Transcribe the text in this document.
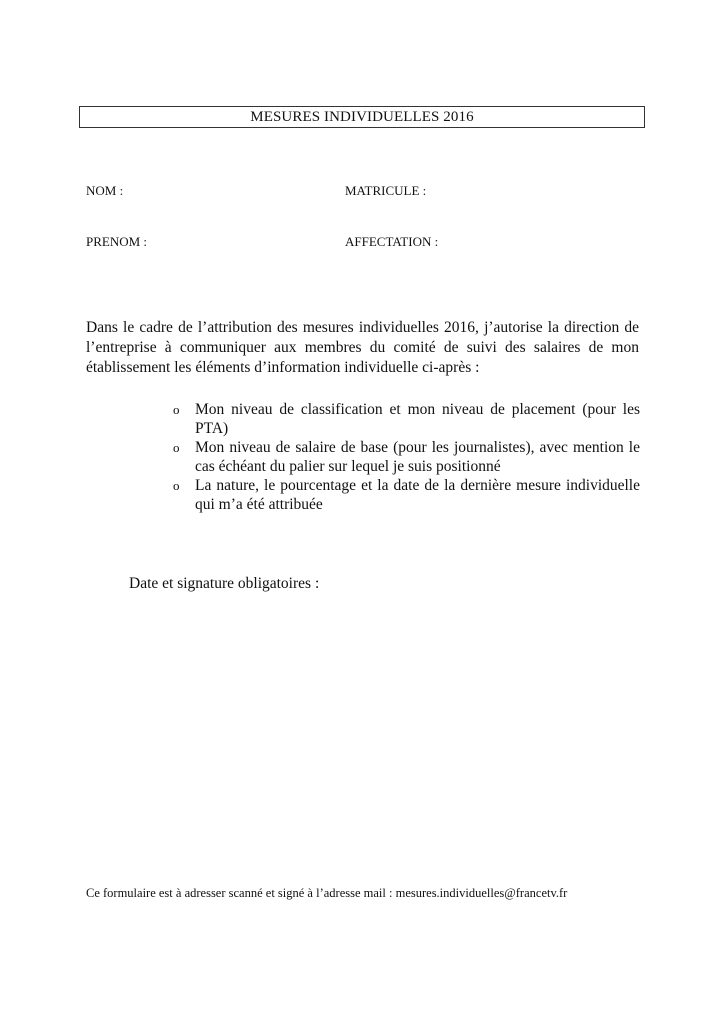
MESURES INDIVIDUELLES 2016
NOM :	MATRICULE :
PRENOM :	AFFECTATION :

Dans le cadre de l’attribution des mesures individuelles 2016, j’autorise la direction de l’entreprise à communiquer aux membres du comité de suivi des salaires de mon établissement les éléments d’information individuelle ci-après :

o Mon niveau de classification et mon niveau de placement (pour les PTA)
o Mon niveau de salaire de base (pour les journalistes), avec mention le cas échéant du palier sur lequel je suis positionné
o La nature, le pourcentage et la date de la dernière mesure individuelle qui m’a été attribuée
Date et signature obligatoires :
Ce formulaire est à adresser scanné et signé à l’adresse mail : mesures.individuelles@francetv.fr
